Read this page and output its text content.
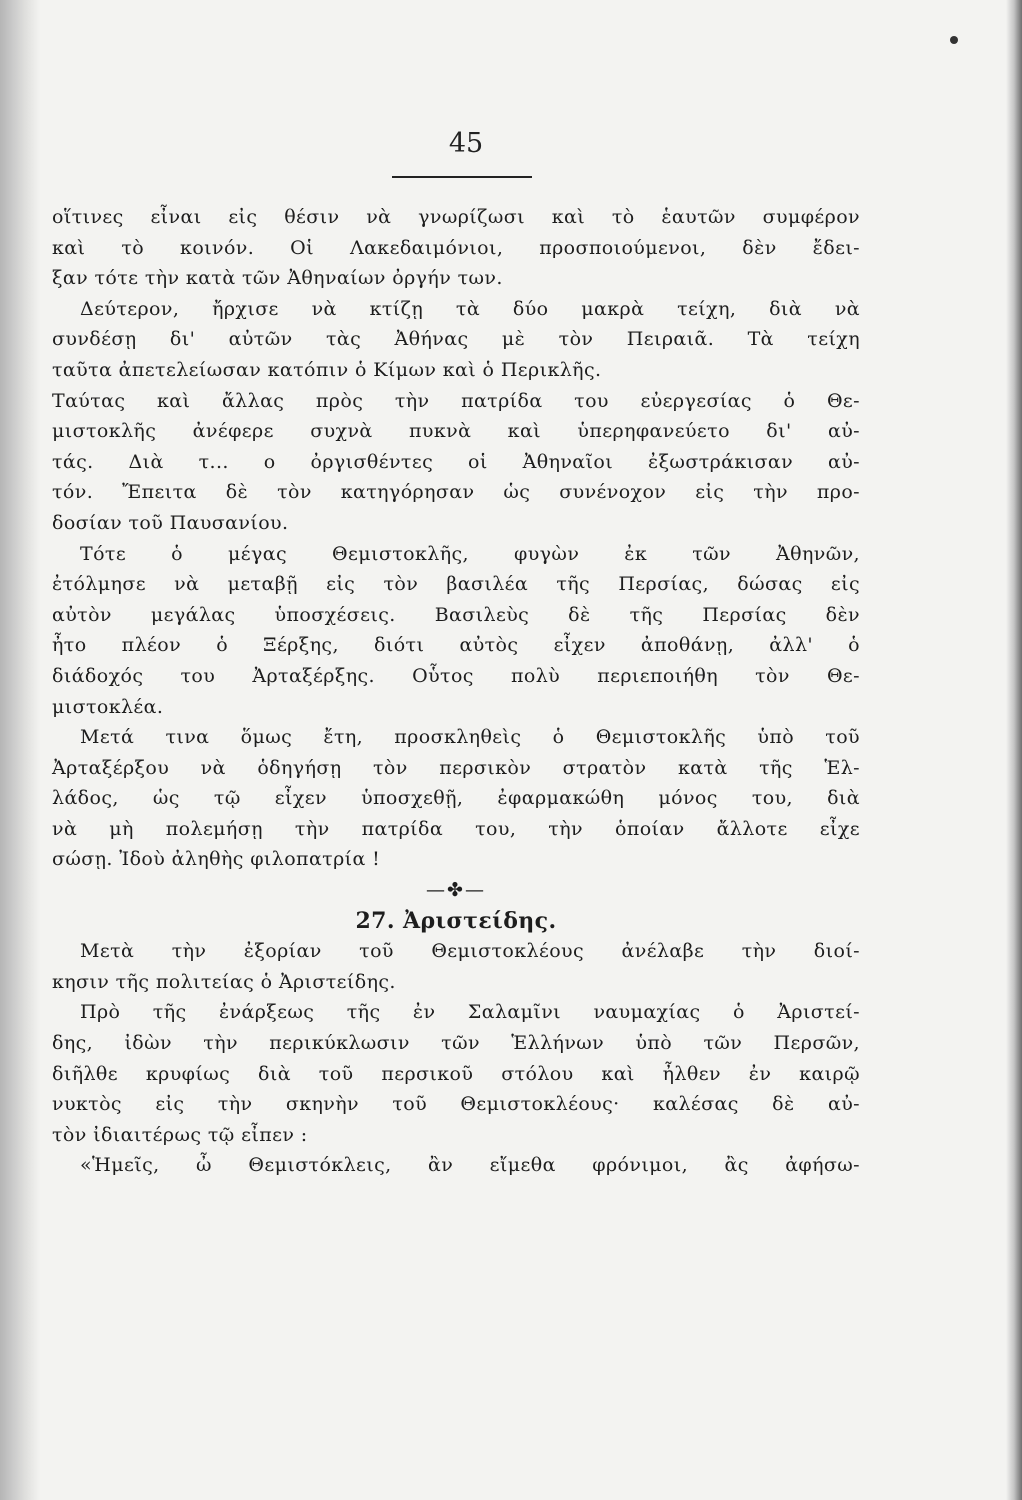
45
οἵτινες εἶναι εἰς θέσιν νὰ γνωρίζωσι καὶ τὸ ἑαυτῶν συμφέρον
καὶ τὸ κοινόν. Οἱ Λακεδαιμόνιοι, προσποιούμενοι, δὲν ἔδει-
ξαν τότε τὴν κατὰ τῶν Ἀθηναίων ὀργήν των.
Δεύτερον, ἤρχισε νὰ κτίζῃ τὰ δύο μακρὰ τείχη, διὰ νὰ
συνδέσῃ δι' αὐτῶν τὰς Ἀθήνας μὲ τὸν Πειραιᾶ. Τὰ τείχη
ταῦτα ἀπετελείωσαν κατόπιν ὁ Κίμων καὶ ὁ Περικλῆς.
Ταύτας καὶ ἄλλας πρὸς τὴν πατρίδα του εὐεργεσίας ὁ Θε-
μιστοκλῆς ἀνέφερε συχνὰ πυκνὰ καὶ ὑπερηφανεύετο δι' αὐ-
τάς. Διὰ τ... ο ὀργισθέντες οἱ Ἀθηναῖοι ἐξωστράκισαν αὐ-
τόν. Ἔπειτα δὲ τὸν κατηγόρησαν ὡς συνένοχον εἰς τὴν προ-
δοσίαν τοῦ Παυσανίου.
Τότε ὁ μέγας Θεμιστοκλῆς, φυγὼν ἐκ τῶν Ἀθηνῶν,
ἐτόλμησε νὰ μεταβῇ εἰς τὸν βασιλέα τῆς Περσίας, δώσας εἰς
αὐτὸν μεγάλας ὑποσχέσεις. Βασιλεὺς δὲ τῆς Περσίας δὲν
ἦτο πλέον ὁ Ξέρξης, διότι αὐτὸς εἶχεν ἀποθάνῃ, ἀλλ' ὁ
διάδοχός του Ἀρταξέρξης. Οὗτος πολὺ περιεποιήθη τὸν Θε-
μιστοκλέα.
Μετά τινα ὅμως ἔτη, προσκληθεὶς ὁ Θεμιστοκλῆς ὑπὸ τοῦ
Ἀρταξέρξου νὰ ὁδηγήσῃ τὸν περσικὸν στρατὸν κατὰ τῆς Ἑλ-
λάδος, ὡς τῷ εἶχεν ὑποσχεθῇ, ἐφαρμακώθη μόνος του, διὰ
νὰ μὴ πολεμήσῃ τὴν πατρίδα του, τὴν ὁποίαν ἄλλοτε εἶχε
σώσῃ. Ἰδοὺ ἀληθὴς φιλοπατρία !
—✤—
27. Ἀριστείδης.
Μετὰ τὴν ἐξορίαν τοῦ Θεμιστοκλέους ἀνέλαβε τὴν διοί-
κησιν τῆς πολιτείας ὁ Ἀριστείδης.
Πρὸ τῆς ἐνάρξεως τῆς ἐν Σαλαμῖνι ναυμαχίας ὁ Ἀριστεί-
δης, ἰδὼν τὴν περικύκλωσιν τῶν Ἑλλήνων ὑπὸ τῶν Περσῶν,
διῆλθε κρυφίως διὰ τοῦ περσικοῦ στόλου καὶ ἦλθεν ἐν καιρῷ
νυκτὸς εἰς τὴν σκηνὴν τοῦ Θεμιστοκλέους· καλέσας δὲ αὐ-
τὸν ἰδιαιτέρως τῷ εἶπεν :
«Ἡμεῖς, ὦ Θεμιστόκλεις, ἂν εἴμεθα φρόνιμοι, ἂς ἀφήσω-
